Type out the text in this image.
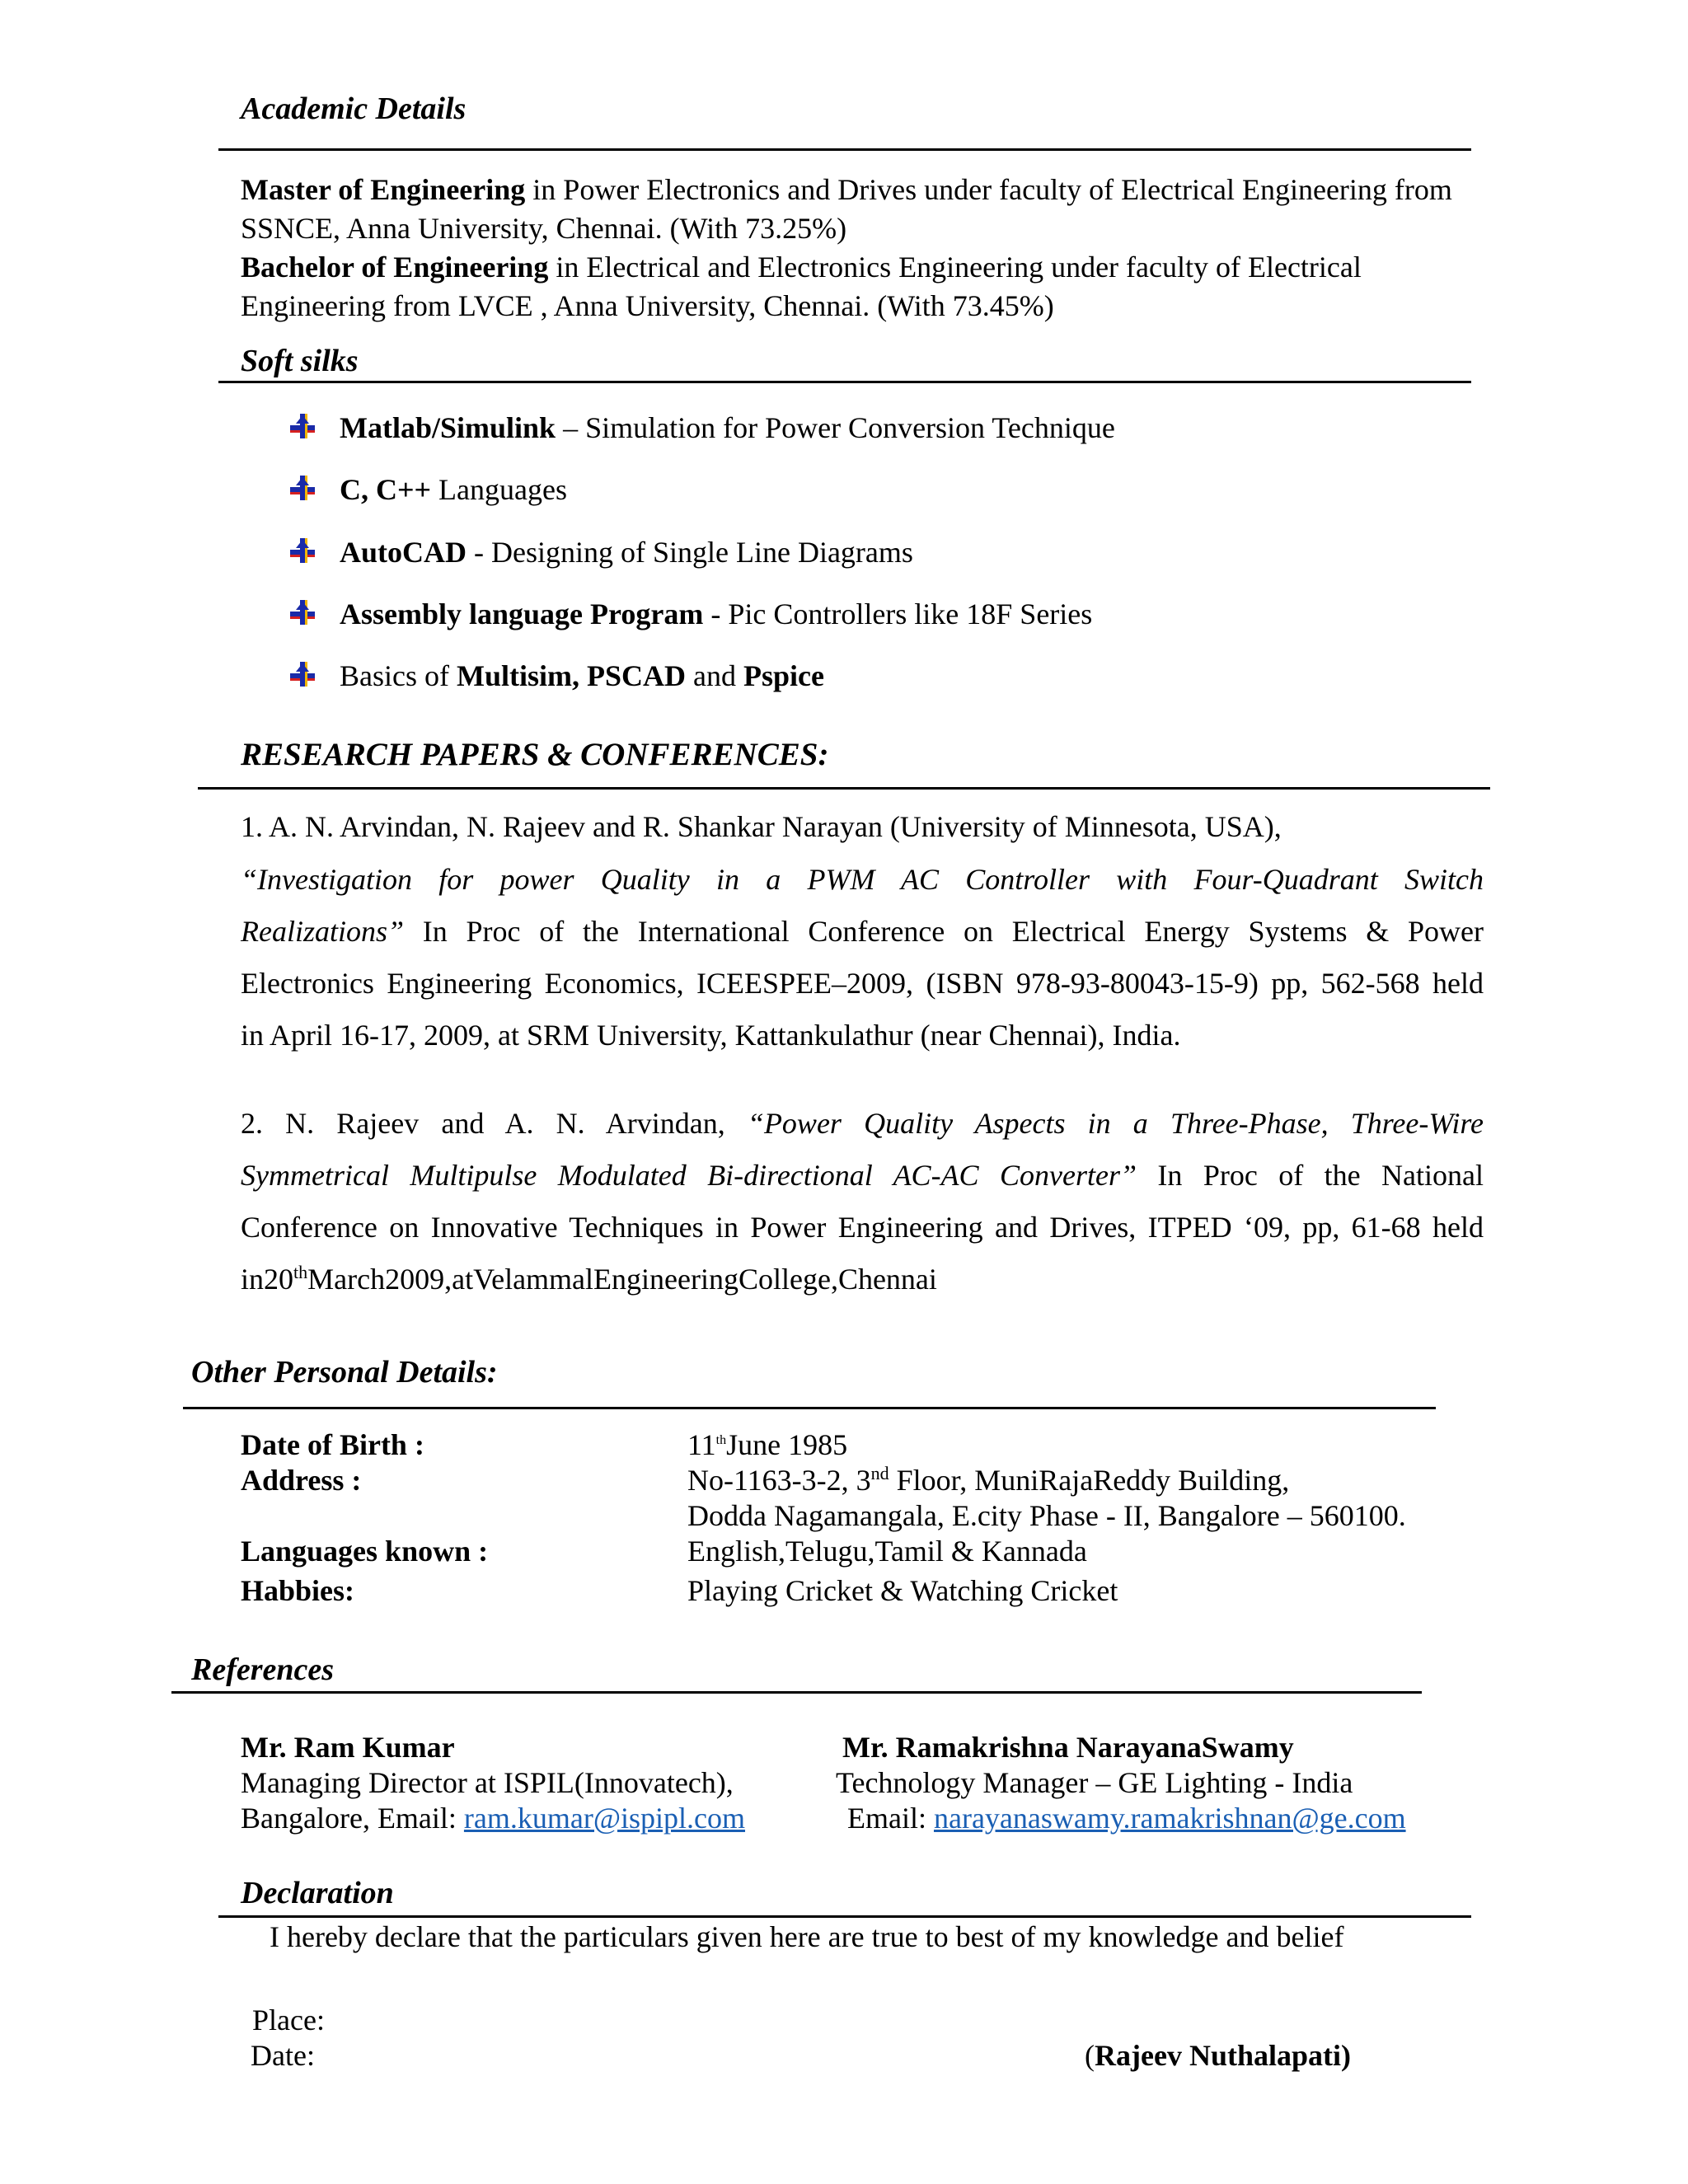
Academic Details
Master of Engineering in Power Electronics and Drives under faculty of Electrical Engineering from
SSNCE, Anna University, Chennai. (With 73.25%)
Bachelor of Engineering in Electrical and Electronics Engineering under faculty of Electrical
Engineering from LVCE , Anna University, Chennai. (With 73.45%)
Soft silks
Matlab/Simulink – Simulation for Power Conversion Technique
C, C++ Languages
AutoCAD - Designing of Single Line Diagrams
Assembly language Program - Pic Controllers like 18F Series
Basics of Multisim, PSCAD and Pspice
RESEARCH PAPERS & CONFERENCES:
1. A. N. Arvindan, N. Rajeev and R. Shankar Narayan (University of Minnesota, USA),
“Investigation for power Quality in a PWM AC Controller with Four-Quadrant Switch
Realizations” In Proc of the International Conference on Electrical Energy Systems & Power
Electronics Engineering Economics, ICEESPEE–2009, (ISBN 978-93-80043-15-9) pp, 562-568 held
in April 16-17, 2009, at SRM University, Kattankulathur (near Chennai), India.
2. N. Rajeev and A. N. Arvindan, “Power Quality Aspects in a Three-Phase, Three-Wire
Symmetrical Multipulse Modulated Bi-directional AC-AC Converter” In Proc of the National
Conference on Innovative Techniques in Power Engineering and Drives, ITPED ‘09, pp, 61-68 held
in20thMarch2009,atVelammalEngineeringCollege,Chennai
Other Personal Details:
Date of Birth :	11thJune 1985
Address :	No-1163-3-2, 3nd Floor, MuniRajaReddy Building,
Dodda Nagamangala, E.city Phase - II, Bangalore – 560100.
Languages known :	English,Telugu,Tamil & Kannada
Habbies:	Playing Cricket & Watching Cricket
References
Mr. Ram Kumar
Managing Director at ISPIL(Innovatech),
Bangalore, Email: ram.kumar@ispipl.com
Mr. Ramakrishna NarayanaSwamy
Technology Manager – GE Lighting - India
Email: narayanaswamy.ramakrishnan@ge.com
Declaration
I hereby declare that the particulars given here are true to best of my knowledge and belief
Place:
Date:	(Rajeev Nuthalapati)
